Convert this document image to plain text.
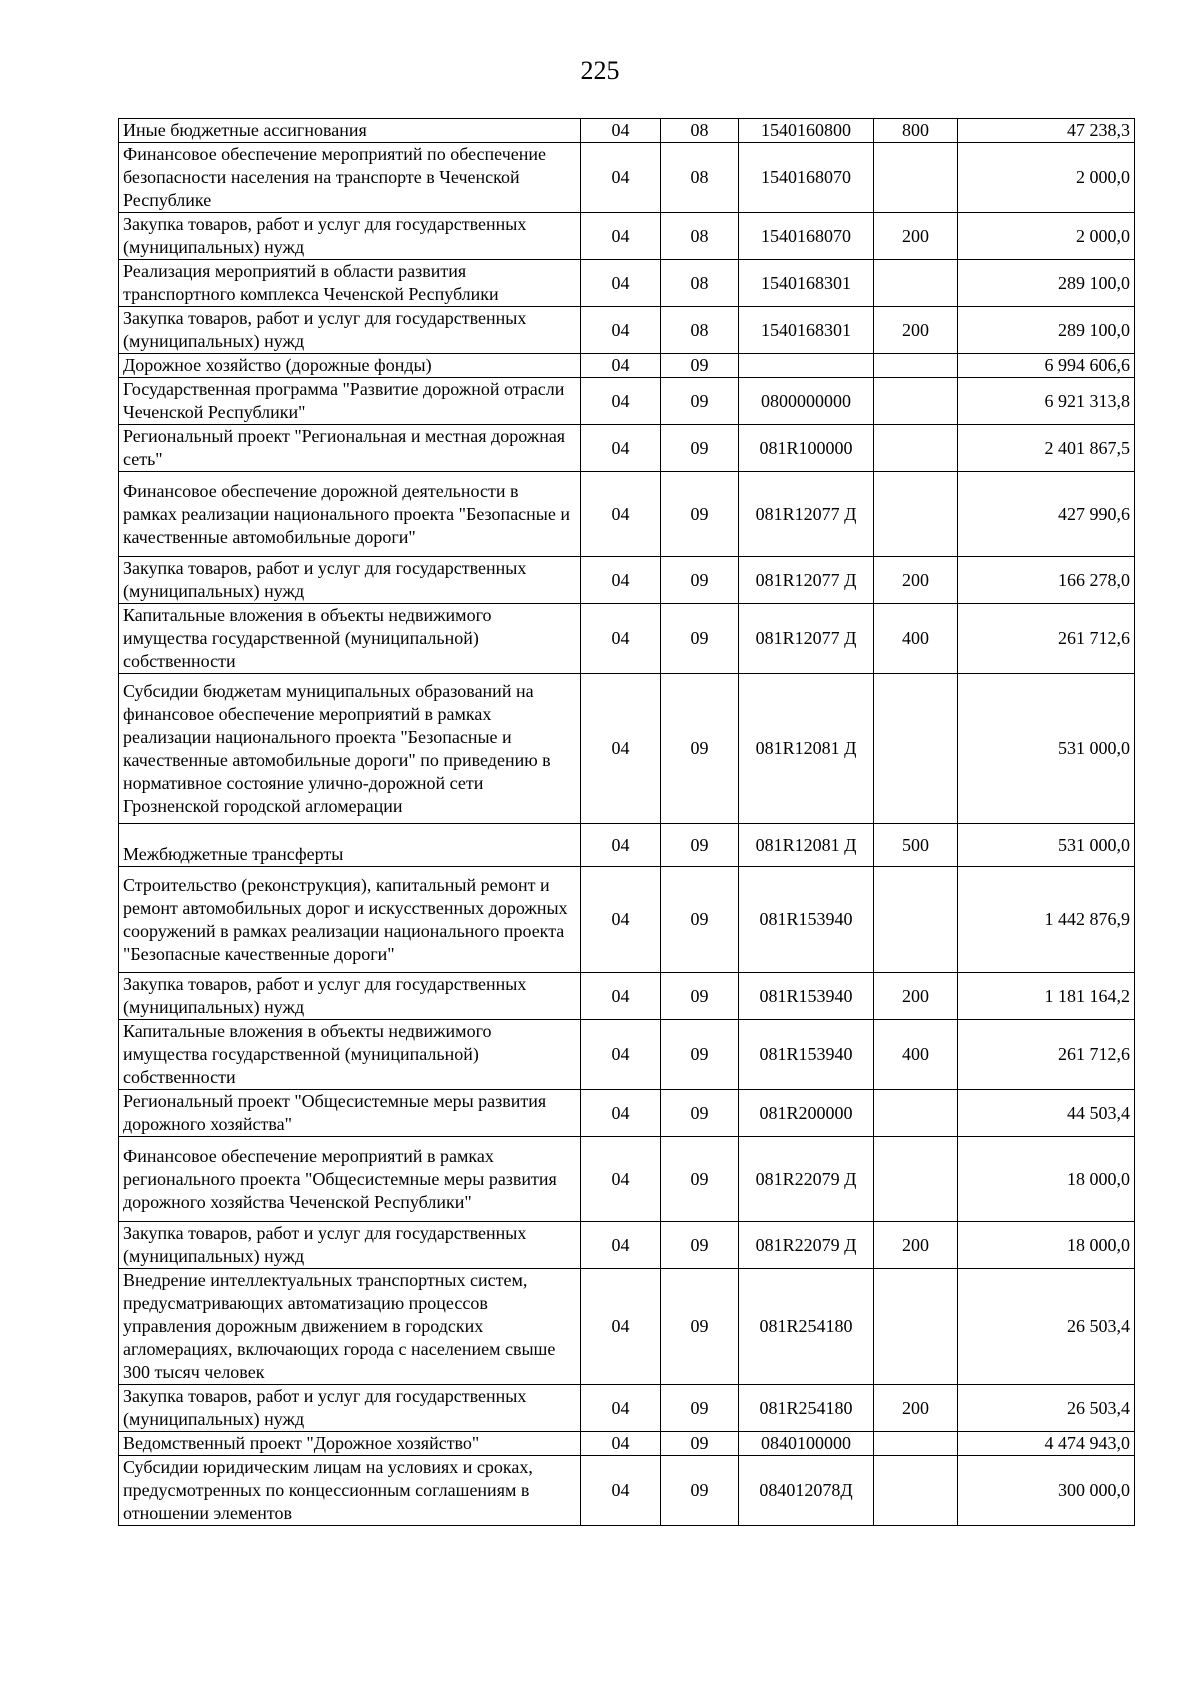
225
Иные бюджетные ассигнования	04	08	1540160800	800	47 238,3
Финансовое обеспечение мероприятий по обеспечение безопасности населения на транспорте в Чеченской Республике	04	08	1540168070		2 000,0
Закупка товаров, работ и услуг для государственных (муниципальных) нужд	04	08	1540168070	200	2 000,0
Реализация мероприятий в области развития транспортного комплекса Чеченской Республики	04	08	1540168301		289 100,0
Закупка товаров, работ и услуг для государственных (муниципальных) нужд	04	08	1540168301	200	289 100,0
Дорожное хозяйство (дорожные фонды)	04	09			6 994 606,6
Государственная программа "Развитие дорожной отрасли Чеченской Республики"	04	09	0800000000		6 921 313,8
Региональный проект "Региональная и местная дорожная сеть"	04	09	081R100000		2 401 867,5
Финансовое обеспечение дорожной деятельности в рамках реализации национального проекта "Безопасные и качественные автомобильные дороги"	04	09	081R12077 Д		427 990,6
Закупка товаров, работ и услуг для государственных (муниципальных) нужд	04	09	081R12077 Д	200	166 278,0
Капитальные вложения в объекты недвижимого имущества государственной (муниципальной) собственности	04	09	081R12077 Д	400	261 712,6
Субсидии бюджетам муниципальных образований на финансовое обеспечение мероприятий в рамках реализации национального проекта "Безопасные и качественные автомобильные дороги" по приведению в нормативное состояние улично-дорожной сети Грозненской городской агломерации	04	09	081R12081 Д		531 000,0
Межбюджетные трансферты	04	09	081R12081 Д	500	531 000,0
Строительство (реконструкция), капитальный ремонт и ремонт автомобильных дорог и искусственных дорожных сооружений в рамках реализации национального проекта "Безопасные качественные дороги"	04	09	081R153940		1 442 876,9
Закупка товаров, работ и услуг для государственных (муниципальных) нужд	04	09	081R153940	200	1 181 164,2
Капитальные вложения в объекты недвижимого имущества государственной (муниципальной) собственности	04	09	081R153940	400	261 712,6
Региональный проект "Общесистемные меры развития дорожного хозяйства"	04	09	081R200000		44 503,4
Финансовое обеспечение мероприятий в рамках регионального проекта "Общесистемные меры развития дорожного хозяйства Чеченской Республики"	04	09	081R22079 Д		18 000,0
Закупка товаров, работ и услуг для государственных (муниципальных) нужд	04	09	081R22079 Д	200	18 000,0
Внедрение интеллектуальных транспортных систем, предусматривающих автоматизацию процессов управления дорожным движением в городских агломерациях, включающих города с населением свыше 300 тысяч человек	04	09	081R254180		26 503,4
Закупка товаров, работ и услуг для государственных (муниципальных) нужд	04	09	081R254180	200	26 503,4
Ведомственный проект "Дорожное хозяйство"	04	09	0840100000		4 474 943,0
Субсидии юридическим лицам на условиях и сроках, предусмотренных по концессионным соглашениям в отношении элементов	04	09	084012078Д		300 000,0
